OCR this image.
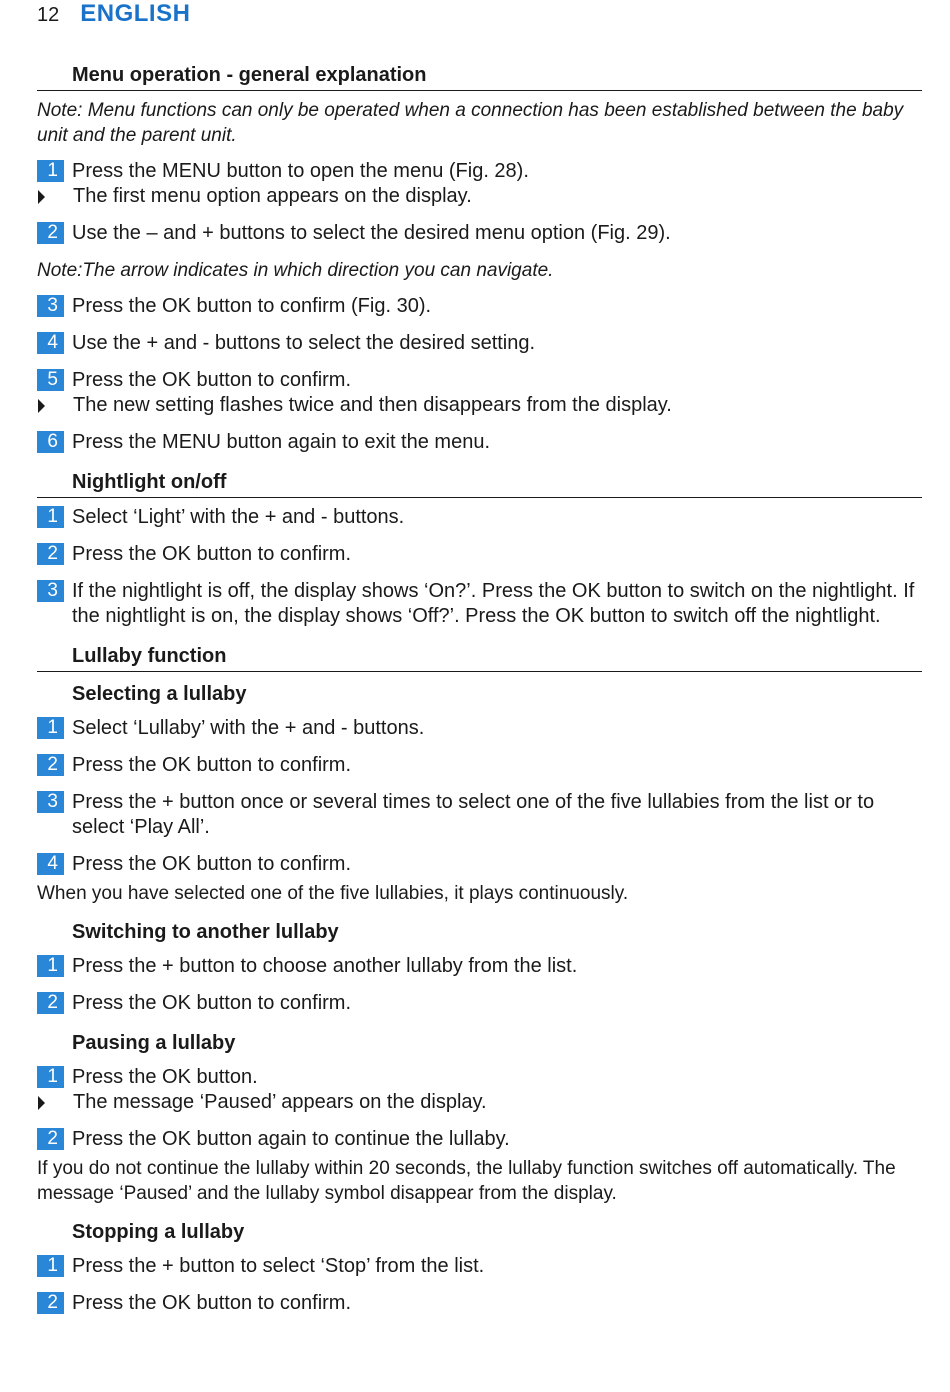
12 ENGLISH
Menu operation - general explanation
Note: Menu functions can only be operated when a connection has been established between the baby unit and the parent unit.
1 Press the MENU button to open the menu (Fig. 28).
The first menu option appears on the display.
2 Use the – and + buttons to select the desired menu option (Fig. 29).
Note:The arrow indicates in which direction you can navigate.
3 Press the OK button to confirm (Fig. 30).
4 Use the + and - buttons to select the desired setting.
5 Press the OK button to confirm.
The new setting flashes twice and then disappears from the display.
6 Press the MENU button again to exit the menu.
Nightlight on/off
1 Select ‘Light’ with the + and - buttons.
2 Press the OK button to confirm.
3 If the nightlight is off, the display shows ‘On?’. Press the OK button to switch on the nightlight. If the nightlight is on, the display shows ‘Off?’. Press the OK button to switch off the nightlight.
Lullaby function
Selecting a lullaby
1 Select ‘Lullaby’ with the + and - buttons.
2 Press the OK button to confirm.
3 Press the + button once or several times to select one of the five lullabies from the list or to select ‘Play All’.
4 Press the OK button to confirm.
When you have selected one of the five lullabies, it plays continuously.
Switching to another lullaby
1 Press the + button to choose another lullaby from the list.
2 Press the OK button to confirm.
Pausing a lullaby
1 Press the OK button.
The message ‘Paused’ appears on the display.
2 Press the OK button again to continue the lullaby.
If you do not continue the lullaby within 20 seconds, the lullaby function switches off automatically. The message ‘Paused’ and the lullaby symbol disappear from the display.
Stopping a lullaby
1 Press the + button to select ‘Stop’ from the list.
2 Press the OK button to confirm.
